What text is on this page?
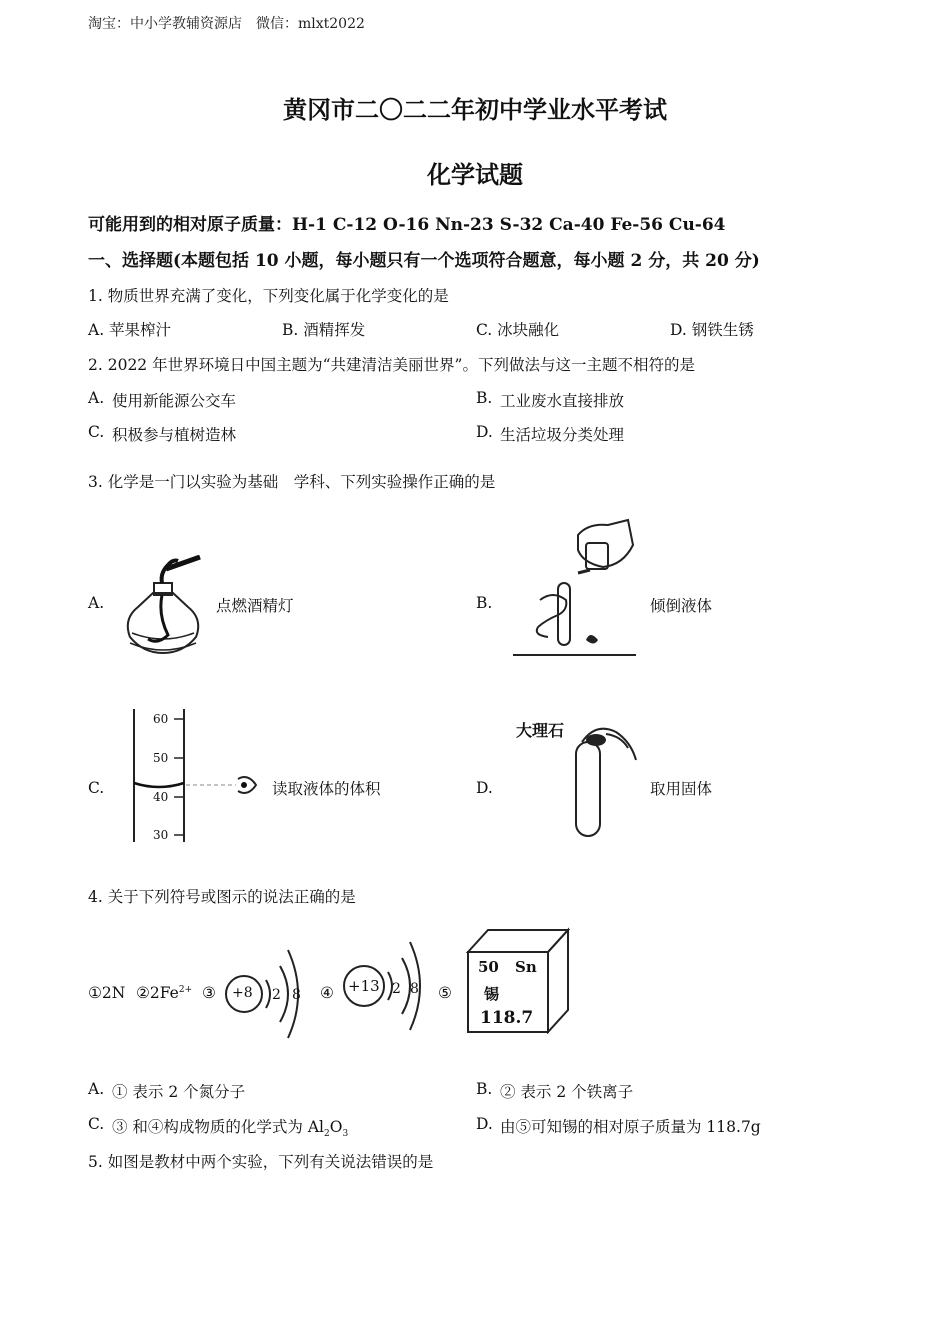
淘宝：中小学教辅资源店　微信：mlxt2022
黄冈市二〇二二年初中学业水平考试
化学试题
可能用到的相对原子质量：H-1 C-12 O-16 Nn-23 S-32 Ca-40 Fe-56 Cu-64
一、选择题(本题包括 10 小题，每小题只有一个选项符合题意，每小题 2 分，共 20 分)
1. 物质世界充满了变化，下列变化属于化学变化的是
A. 苹果榨汁	B. 酒精挥发	C. 冰块融化	D. 钢铁生锈
2. 2022 年世界环境日中国主题为“共建清洁美丽世界”。下列做法与这一主题不相符的是
A. 使用新能源公交车	B. 工业废水直接排放
C. 积极参与植树造林	D. 生活垃圾分类处理
3. 化学是一门以实验为基础　学科、下列实验操作正确的是
A.	点燃酒精灯	B.	倾倒液体
C.
60
50
40
30
读取液体的体积	D.
大理石
取用固体
4. 关于下列符号或图示的说法正确的是
①2N $②2Fe^{2+}$ ③ +8 2 8 ④ +13 2 8 ⑤
50 Sn
锡
118.7
A. ① 表示 2 个氮分子	B. ② 表示 2 个铁离子
C. ③ 和④构成物质的化学式为 $Al_2O_3$
D. 由⑤可知锡的相对原子质量为 118.7g
5. 如图是教材中两个实验，下列有关说法错误的是
